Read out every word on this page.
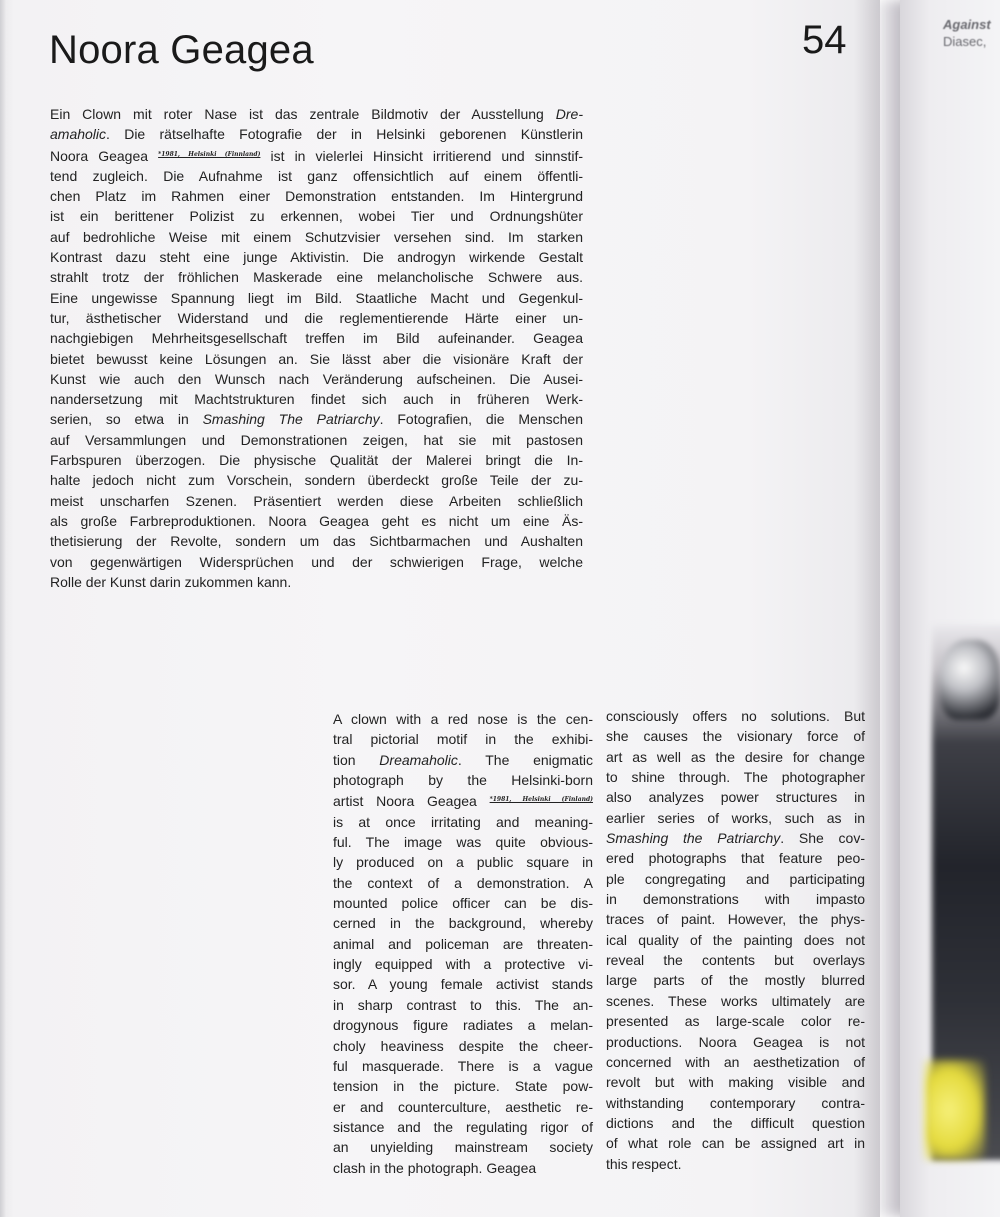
Against
Diasec,
Noora Geagea	54
Ein Clown mit roter Nase ist das zentrale Bildmotiv der Ausstellung Dre-
amaholic. Die rätselhafte Fotografie der in Helsinki geborenen Künstlerin
Noora Geagea $^{*1981, Helsinki (Finnland)}$ ist in vielerlei Hinsicht irritierend und sinnstif-
tend zugleich. Die Aufnahme ist ganz offensichtlich auf einem öffentli-
chen Platz im Rahmen einer Demonstration entstanden. Im Hintergrund
ist ein berittener Polizist zu erkennen, wobei Tier und Ordnungshüter
auf bedrohliche Weise mit einem Schutzvisier versehen sind. Im starken
Kontrast dazu steht eine junge Aktivistin. Die androgyn wirkende Gestalt
strahlt trotz der fröhlichen Maskerade eine melancholische Schwere aus.
Eine ungewisse Spannung liegt im Bild. Staatliche Macht und Gegenkul-
tur, ästhetischer Widerstand und die reglementierende Härte einer un-
nachgiebigen Mehrheitsgesellschaft treffen im Bild aufeinander. Geagea
bietet bewusst keine Lösungen an. Sie lässt aber die visionäre Kraft der
Kunst wie auch den Wunsch nach Veränderung aufscheinen. Die Ausei-
nandersetzung mit Machtstrukturen findet sich auch in früheren Werk-
serien, so etwa in Smashing The Patriarchy. Fotografien, die Menschen
auf Versammlungen und Demonstrationen zeigen, hat sie mit pastosen
Farbspuren überzogen. Die physische Qualität der Malerei bringt die In-
halte jedoch nicht zum Vorschein, sondern überdeckt große Teile der zu-
meist unscharfen Szenen. Präsentiert werden diese Arbeiten schließlich
als große Farbreproduktionen. Noora Geagea geht es nicht um eine Äs-
thetisierung der Revolte, sondern um das Sichtbarmachen und Aushalten
von gegenwärtigen Widersprüchen und der schwierigen Frage, welche
Rolle der Kunst darin zukommen kann.
A clown with a red nose is the cen-
tral pictorial motif in the exhibi-
tion Dreamaholic. The enigmatic
photograph by the Helsinki-born
artist Noora Geagea $^{*1981, Helsinki (Finland)}$
is at once irritating and meaning-
ful. The image was quite obvious-
ly produced on a public square in
the context of a demonstration. A
mounted police officer can be dis-
cerned in the background, whereby
animal and policeman are threaten-
ingly equipped with a protective vi-
sor. A young female activist stands
in sharp contrast to this. The an-
drogynous figure radiates a melan-
choly heaviness despite the cheer-
ful masquerade. There is a vague
tension in the picture. State pow-
er and counterculture, aesthetic re-
sistance and the regulating rigor of
an unyielding mainstream society
clash in the photograph. Geagea
consciously offers no solutions. But
she causes the visionary force of
art as well as the desire for change
to shine through. The photographer
also analyzes power structures in
earlier series of works, such as in
Smashing the Patriarchy. She cov-
ered photographs that feature peo-
ple congregating and participating
in demonstrations with impasto
traces of paint. However, the phys-
ical quality of the painting does not
reveal the contents but overlays
large parts of the mostly blurred
scenes. These works ultimately are
presented as large-scale color re-
productions. Noora Geagea is not
concerned with an aesthetization of
revolt but with making visible and
withstanding contemporary contra-
dictions and the difficult question
of what role can be assigned art in
this respect.
